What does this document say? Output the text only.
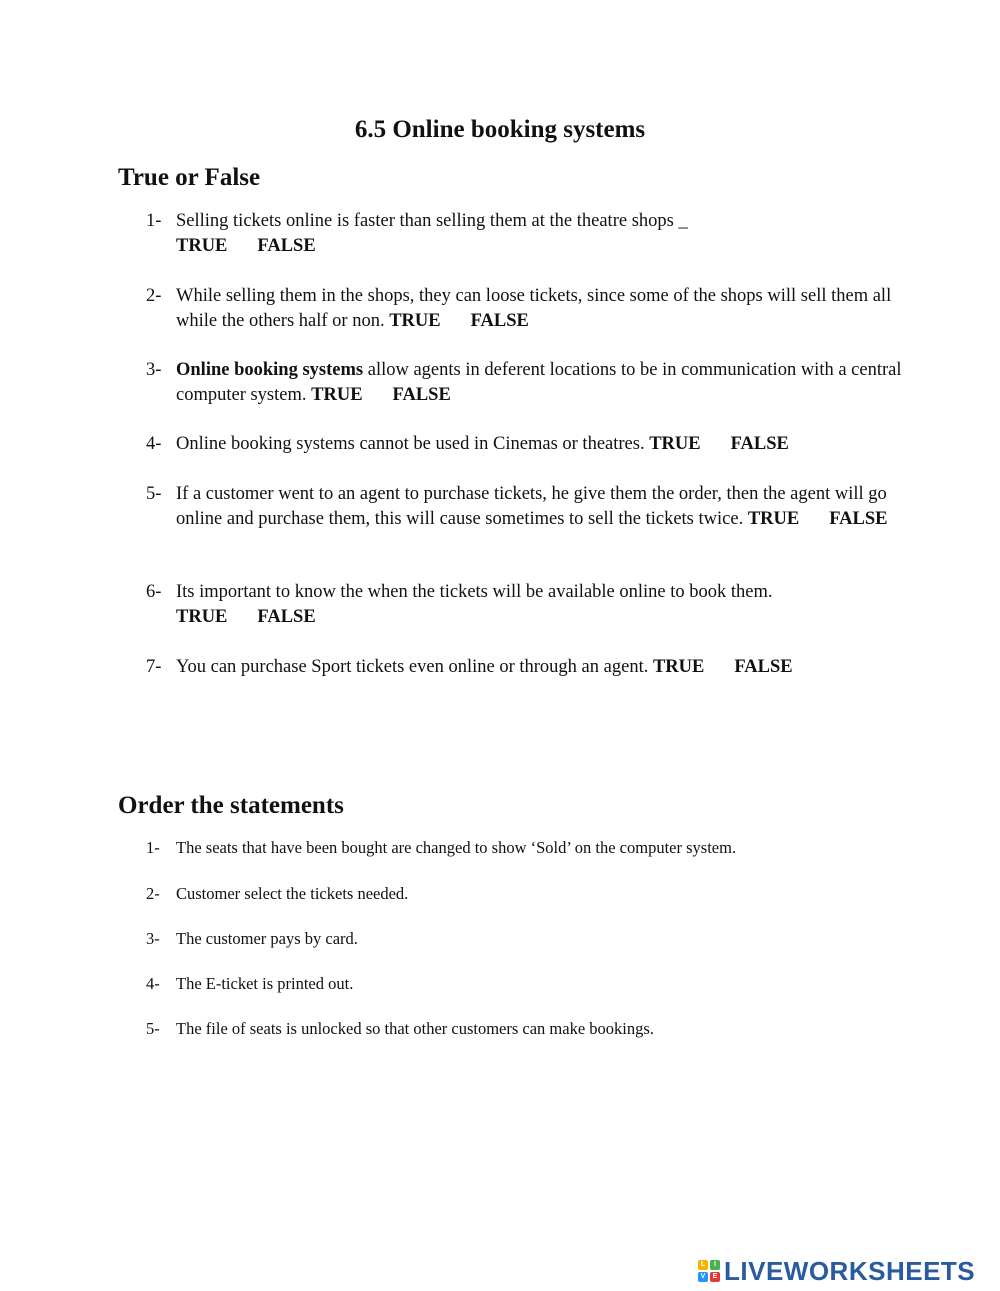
6.5 Online booking systems
True or False
1- Selling tickets online is faster than selling them at the theatre shops _
TRUE FALSE
2- While selling them in the shops, they can loose tickets, since some of the shops will sell them all while the others half or non. TRUE FALSE
3- Online booking systems allow agents in deferent locations to be in communication with a central computer system. TRUE FALSE
4- Online booking systems cannot be used in Cinemas or theatres. TRUE FALSE
5- If a customer went to an agent to purchase tickets, he give them the order, then the agent will go online and purchase them, this will cause sometimes to sell the tickets twice. TRUE FALSE
6- Its important to know the when the tickets will be available online to book them.
TRUE FALSE
7- You can purchase Sport tickets even online or through an agent. TRUE FALSE
Order the statements
1- The seats that have been bought are changed to show ‘Sold’ on the computer system.
2- Customer select the tickets needed.
3- The customer pays by card.
4- The E-ticket is printed out.
5- The file of seats is unlocked so that other customers can make bookings.
L	I
V	E LIVEWORKSHEETS
